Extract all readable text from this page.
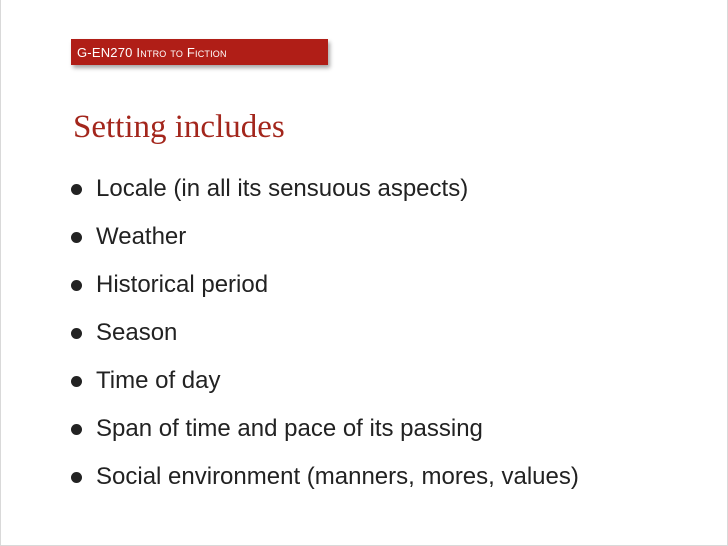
G-EN270 Intro to Fiction
Setting includes
Locale (in all its sensuous aspects)
Weather
Historical period
Season
Time of day
Span of time and pace of its passing
Social environment (manners, mores, values)
